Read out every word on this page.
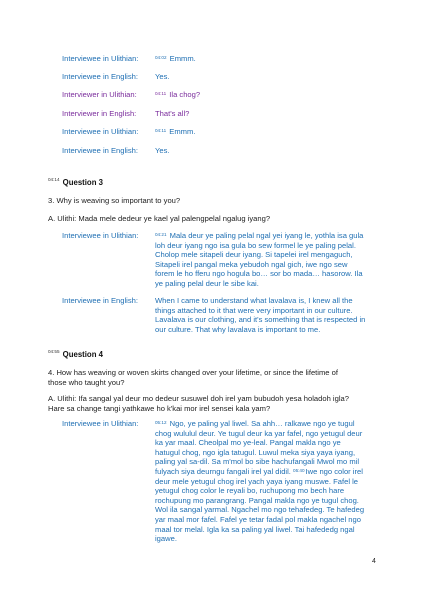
Interviewee in Ulithian:	$^{04:02}$ Emmm.
Interviewee in English:	Yes.
Interviewer in Ulithian:	$^{04:11}$ Ila chog?
Interviewer in English:	That's all?
Interviewee in Ulithian:	$^{04:11}$ Emmm.
Interviewee in English:	Yes.
$^{04:14}$ Question 3
3. Why is weaving so important to you?
A. Ulithi: Mada mele dedeur ye kael yal palengpelal ngalug iyang?
Interviewee in Ulithian:	$^{04:21}$ Mala deur ye paling pelal ngal yei iyang le, yothla isa gula
loh deur iyang ngo isa gula bo sew formel le ye paling pelal.
Cholop mele sitapeli deur iyang. Si tapelei irel mengaguch,
Sitapeli irel pangal meka yebudoh ngal gich, iwe ngo sew
forem le ho fferu ngo hogula bo… sor bo mada… hasorow. Ila
ye paling pelal deur le sibe kai.
Interviewee in English:	When I came to understand what lavalava is, I knew all the
things attached to it that were very important in our culture.
Lavalava is our clothing, and it's something that is respected in
our culture. That why lavalava is important to me.
$^{04:55}$ Question 4
4. How has weaving or woven skirts changed over your lifetime, or since the lifetime of
those who taught you?
A. Ulithi: Ifa sangal yal deur mo dedeur susuwel doh irel yam bubudoh yesa holadoh igla?
Hare sa change tangi yathkawe ho k'kai mor irel sensei kala yam?
Interviewee in Ulithian:	$^{05:12}$ Ngo, ye paling yal liwel. Sa ahh… ralkawe ngo ye tugul
chog wululul deur. Ye tugul deur ka yar fafel, ngo yetugul deur
ka yar maal. Cheolpal mo ye-leal. Pangal makla ngo ye
hatugul chog, ngo igla tatugul. Luwul meka siya yaya iyang,
paling yal sa-dil. Sa m'mol bo sibe hachufangali Mwol mo mil
fulyach siya deurngu fangali irel yal didil. $^{05:40}$Iwe ngo color irel
deur mele yetugul chog irel yach yaya iyang muswe. Fafel le
yetugul chog color le reyali bo, ruchupong mo bech hare
rochupung mo parangrang. Pangal makla ngo ye tugul chog.
Wol ila sangal yarmal. Ngachel mo ngo tehafedeg. Te hafedeg
yar maal mor fafel. Fafel ye tetar fadal pol makla ngachel ngo
maal tor melal. Igla ka sa paling yal liwel. Tai hafededg ngal
igawe.
4
